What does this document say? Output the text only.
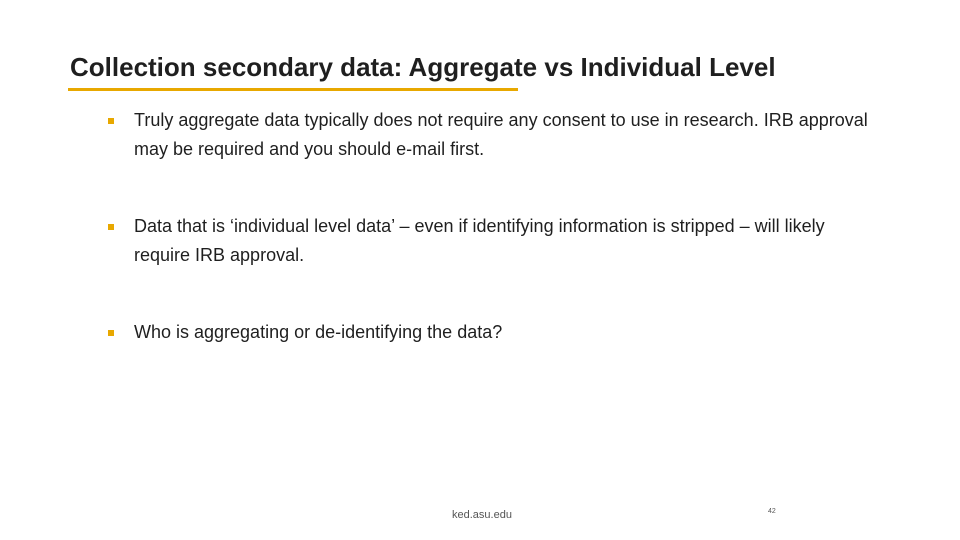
Collection secondary data: Aggregate vs Individual Level
Truly aggregate data typically does not require any consent to use in research. IRB approval may be required and you should e-mail first.
Data that is ‘individual level data’ – even if identifying information is stripped – will likely require IRB approval.
Who is aggregating or de-identifying the data?
ked.asu.edu	42
